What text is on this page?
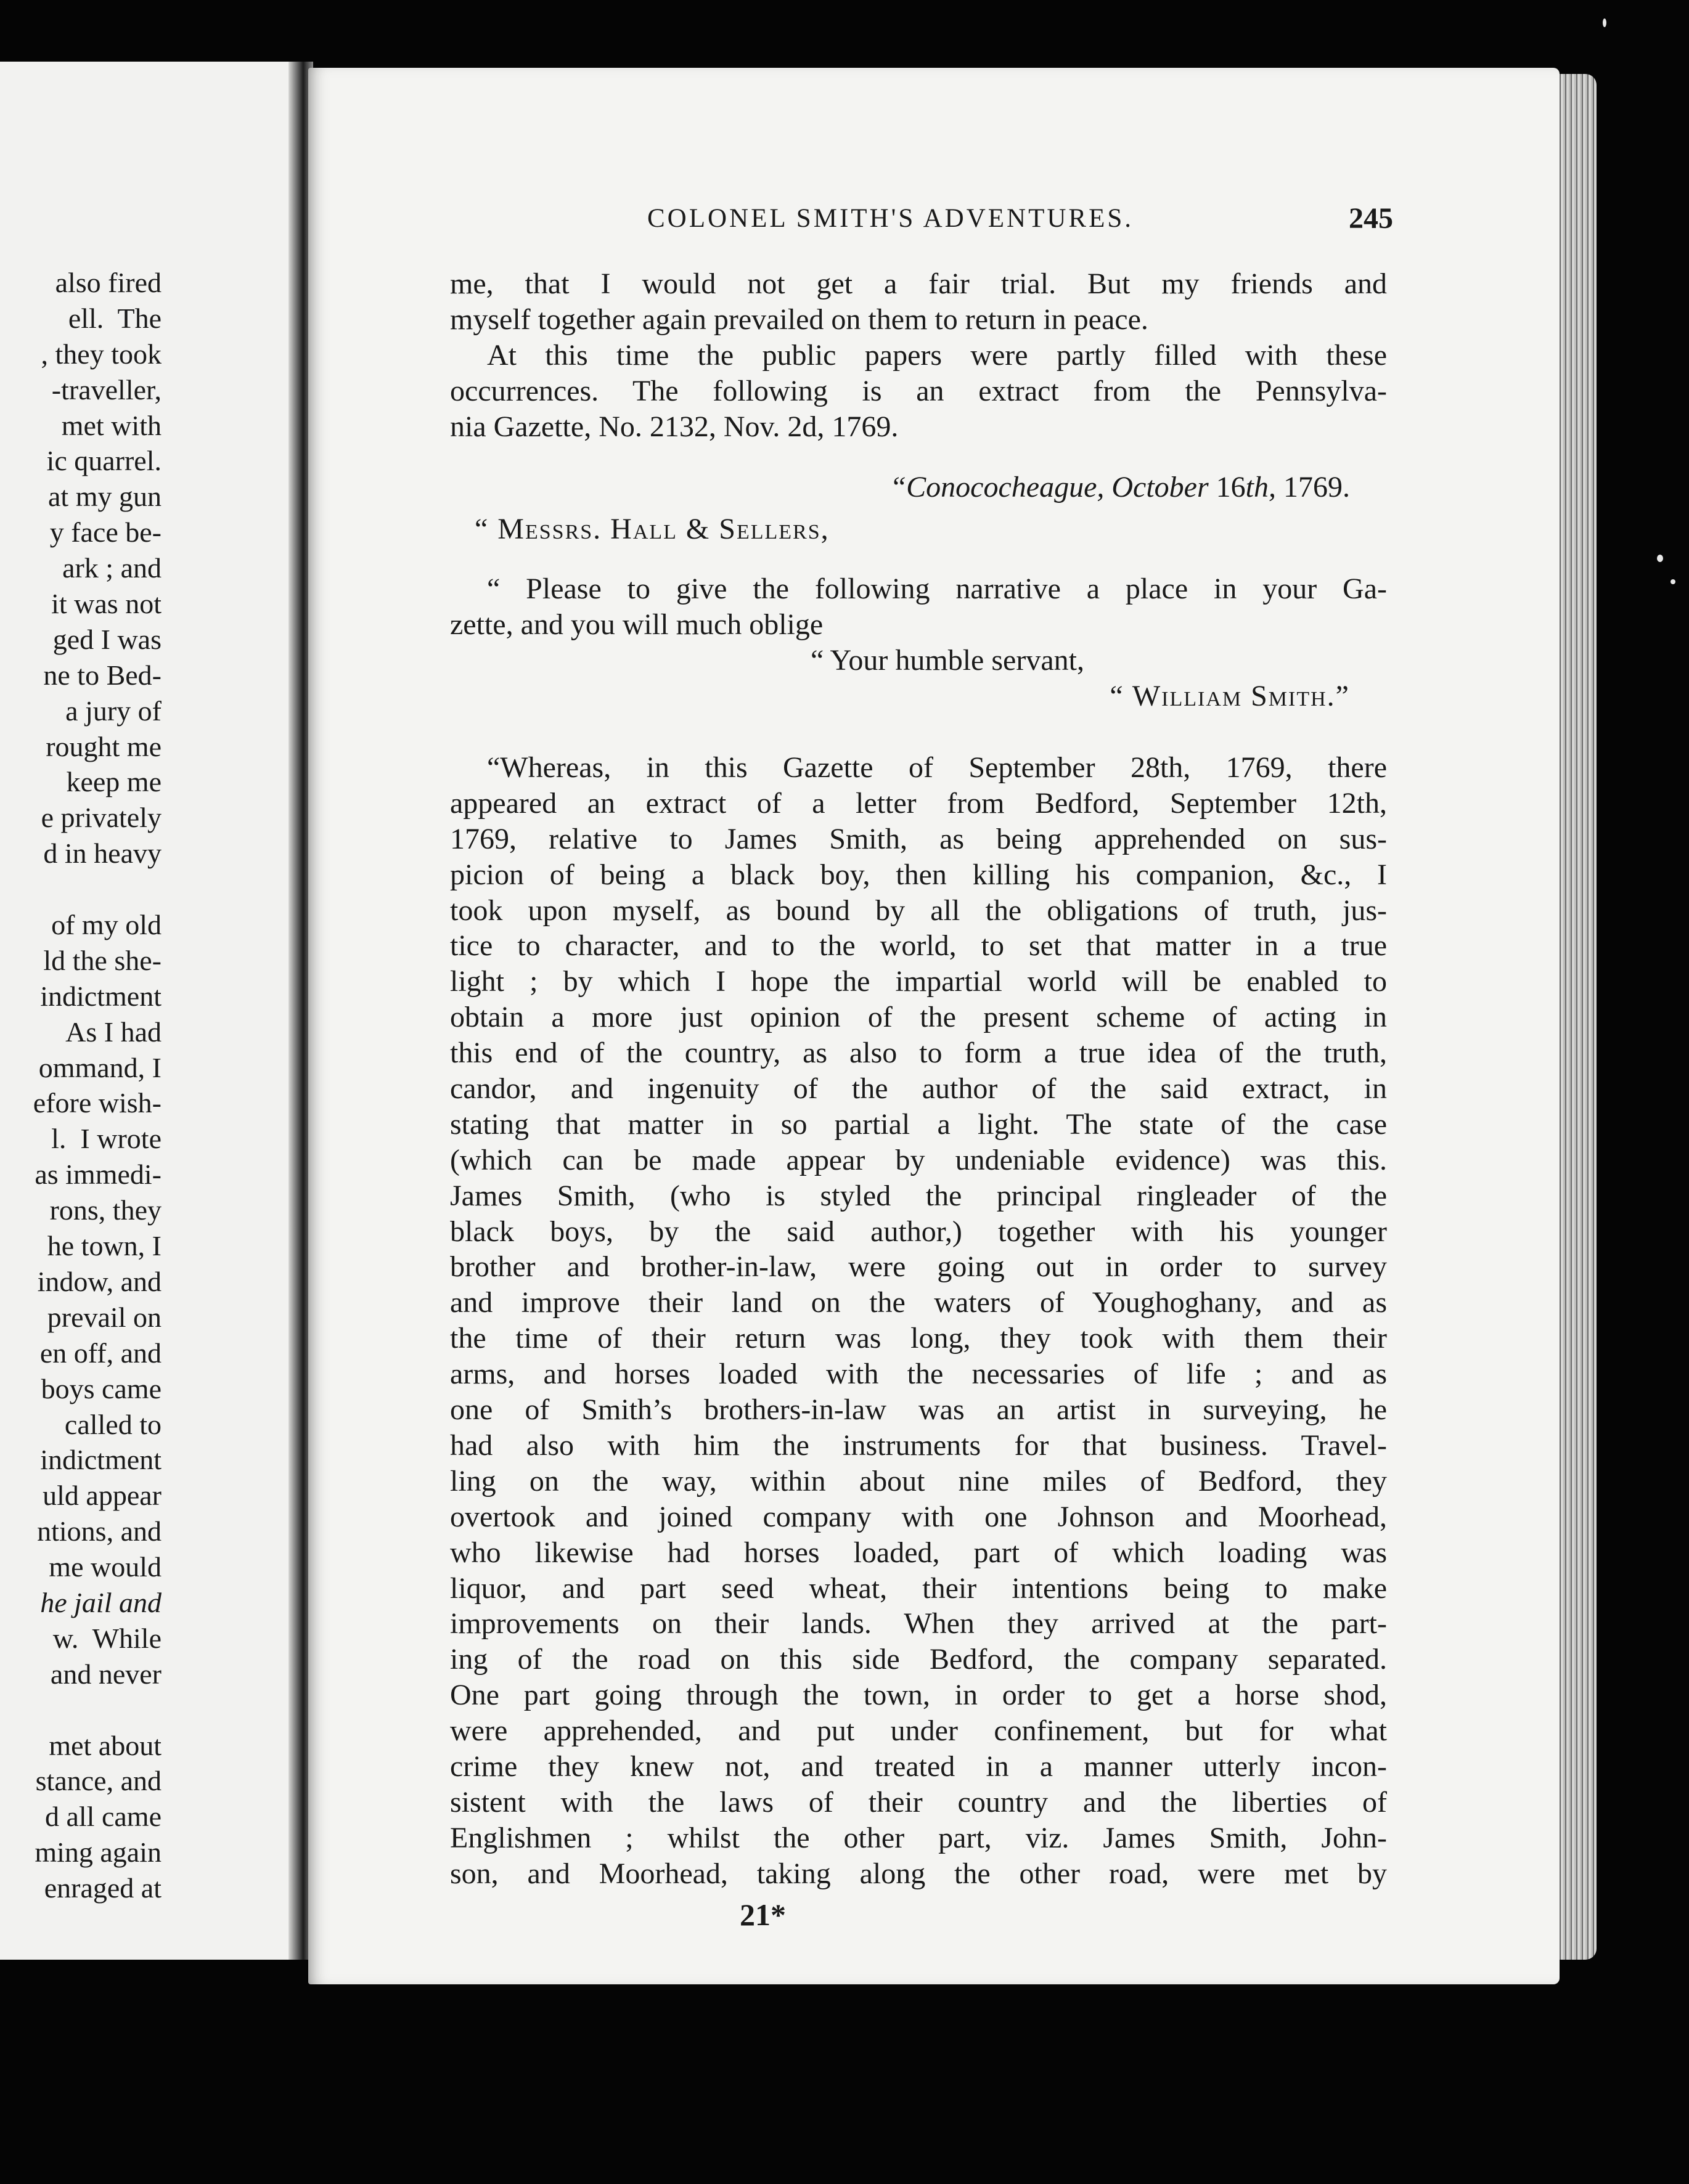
also fired
ell.  The
, they took
-traveller,
met with
ic quarrel.
at my gun
y face be-
ark ; and
it was not
ged I was
ne to Bed-
a jury of
rought me
keep me
e privately
d in heavy
of my old
ld the she-
indictment
As I had
ommand, I
efore wish-
l.  I wrote
as immedi-
rons, they
he town, I
indow, and
prevail on
en off, and
boys came
called to
indictment
uld appear
ntions, and
me would
he jail and
w.  While
and never
met about
stance, and
d all came
ming again
enraged at
COLONEL SMITH'S ADVENTURES.	245
me, that I would not get a fair trial. But my friends and
myself together again prevailed on them to return in peace.
At this time the public papers were partly filled with these
occurrences. The following is an extract from the Pennsylva-
nia Gazette, No. 2132, Nov. 2d, 1769.
“Conococheague, October 16th, 1769.
“ Messrs. Hall & Sellers,
“ Please to give the following narrative a place in your Ga-
zette, and you will much oblige
“ Your humble servant,
“ William Smith.”
“Whereas, in this Gazette of September 28th, 1769, there
appeared an extract of a letter from Bedford, September 12th,
1769, relative to James Smith, as being apprehended on sus-
picion of being a black boy, then killing his companion, &c., I
took upon myself, as bound by all the obligations of truth, jus-
tice to character, and to the world, to set that matter in a true
light ; by which I hope the impartial world will be enabled to
obtain a more just opinion of the present scheme of acting in
this end of the country, as also to form a true idea of the truth,
candor, and ingenuity of the author of the said extract, in
stating that matter in so partial a light. The state of the case
(which can be made appear by undeniable evidence) was this.
James Smith, (who is styled the principal ringleader of the
black boys, by the said author,) together with his younger
brother and brother-in-law, were going out in order to survey
and improve their land on the waters of Youghoghany, and as
the time of their return was long, they took with them their
arms, and horses loaded with the necessaries of life ; and as
one of Smith’s brothers-in-law was an artist in surveying, he
had also with him the instruments for that business. Travel-
ling on the way, within about nine miles of Bedford, they
overtook and joined company with one Johnson and Moorhead,
who likewise had horses loaded, part of which loading was
liquor, and part seed wheat, their intentions being to make
improvements on their lands. When they arrived at the part-
ing of the road on this side Bedford, the company separated.
One part going through the town, in order to get a horse shod,
were apprehended, and put under confinement, but for what
crime they knew not, and treated in a manner utterly incon-
sistent with the laws of their country and the liberties of
Englishmen ; whilst the other part, viz. James Smith, John-
son, and Moorhead, taking along the other road, were met by
21*
